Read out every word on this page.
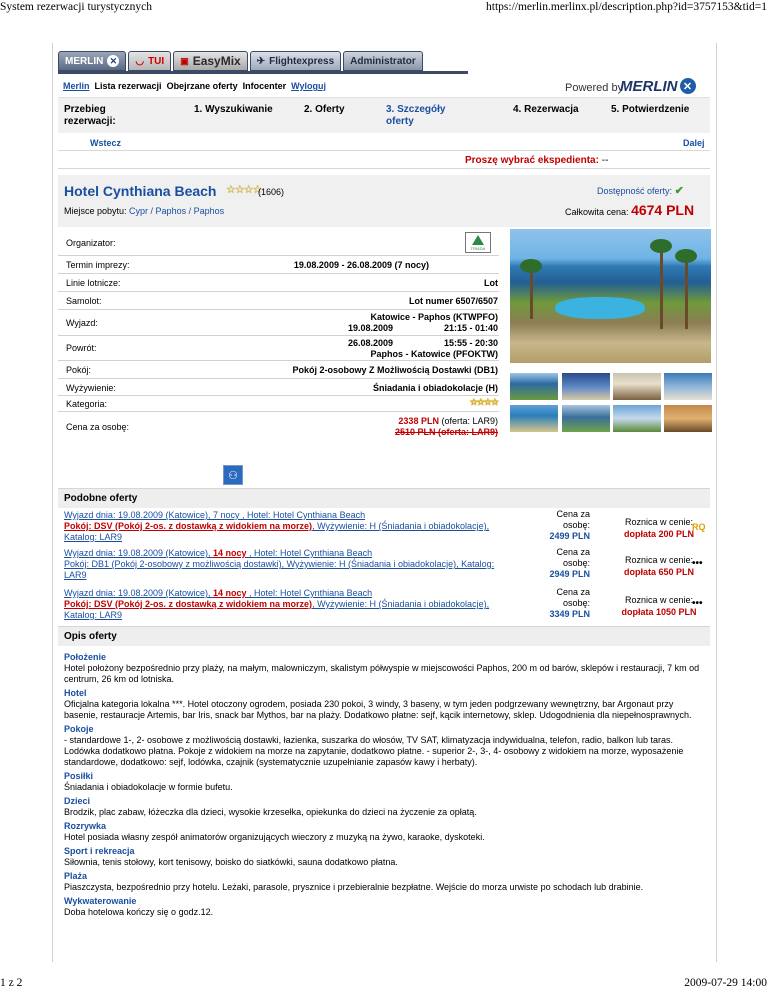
System rezerwacji turystycznych	https://merlin.merlinx.pl/description.php?id=3757153&tid=1
MERLIN ✕ ◡ TUI ▣ EasyMix ✈ Flightexpress Administrator
Merlin Lista rezerwacji Obejrzane oferty Infocenter Wyloguj	Powered by
MERLIN ✕
Przebieg rezerwacji:
1. Wyszukiwanie	2. Oferty	3. Szczegóły oferty
4. Rezerwacja	5. Potwierdzenie
Wstecz	Dalej
Proszę wybrać ekspedienta: --
Hotel Cynthiana Beach ☆☆☆☆
(1606)	Dostępność oferty: ✔
Miejsce pobytu: Cypr / Paphos / Paphos	Całkowita cena: 4674 PLN
Organizator:
TRIADA
Termin imprezy:	19.08.2009 - 26.08.2009 (7 nocy)
Linie lotnicze:	Lot
Samolot:	Lot numer 6507/6507
Wyjazd:
Katowice - Paphos (KTWPFO)
19.08.2009	21:15 - 01:40
Powrót:	26.08.2009	15:55 - 20:30
Paphos - Katowice (PFOKTW)
Pokój:	Pokój 2-osobowy Z Możliwością Dostawki (DB1)
Wyżywienie:	Śniadania i obiadokolacje (H)
Kategoria:	☆☆☆☆
Cena za osobę:
2338 PLN (oferta: LAR9)
2510 PLN (oferta: LAR9)
⚇
Podobne oferty
Wyjazd dnia: 19.08.2009 (Katowice), 7 nocy , Hotel: Hotel Cynthiana Beach
Pokój: DSV (Pokój 2-os. z dostawką z widokiem na morze), Wyżywienie: H (Śniadania i obiadokolacje),
Katalog: LAR9
Cena za osobę:
2499 PLN
Roznica w cenie:
dopłata 200 PLN
RQ
Wyjazd dnia: 19.08.2009 (Katowice), 14 nocy , Hotel: Hotel Cynthiana Beach
Pokój: DB1 (Pokój 2-osobowy z możliwością dostawki), Wyżywienie: H (Śniadania i obiadokolacje), Katalog:
LAR9
Cena za osobę:
2949 PLN
Roznica w cenie:
dopłata 650 PLN
•••
Wyjazd dnia: 19.08.2009 (Katowice), 14 nocy , Hotel: Hotel Cynthiana Beach
Pokój: DSV (Pokój 2-os. z dostawką z widokiem na morze), Wyżywienie: H (Śniadania i obiadokolacje),
Katalog: LAR9
Cena za osobę:
3349 PLN
Roznica w cenie:
dopłata 1050 PLN
•••
Opis oferty
Położenie

Hotel położony bezpośrednio przy plaży, na małym, malowniczym, skalistym półwyspie w miejscowości Paphos, 200 m od barów, sklepów i restauracji, 7 km od centrum, 26 km od lotniska.

Hotel

Oficjalna kategoria lokalna ***. Hotel otoczony ogrodem, posiada 230 pokoi, 3 windy, 3 baseny, w tym jeden podgrzewany wewnętrzny, bar Argonaut przy basenie, restauracje Artemis, bar Iris, snack bar Mythos, bar na plaży. Dodatkowo płatne: sejf, kącik internetowy, sklep. Udogodnienia dla niepełnosprawnych.

Pokoje

- standardowe 1-, 2- osobowe z możliwością dostawki, łazienka, suszarka do włosów, TV SAT, klimatyzacja indywidualna, telefon, radio, balkon lub taras. Lodówka dodatkowo płatna. Pokoje z widokiem na morze na zapytanie, dodatkowo płatne. - superior 2-, 3-, 4- osobowy z widokiem na morze, wyposażenie standardowe, dodatkowo: sejf, lodówka, czajnik (systematycznie uzupełnianie zapasów kawy i herbaty).

Posiłki

Śniadania i obiadokolacje w formie bufetu.

Dzieci

Brodzik, plac zabaw, łóżeczka dla dzieci, wysokie krzesełka, opiekunka do dzieci na życzenie za opłatą.

Rozrywka

Hotel posiada własny zespół animatorów organizujących wieczory z muzyką na żywo, karaoke, dyskoteki.

Sport i rekreacja

Siłownia, tenis stołowy, kort tenisowy, boisko do siatkówki, sauna dodatkowo płatna.

Plaża

Piaszczysta, bezpośrednio przy hotelu. Leżaki, parasole, prysznice i przebieralnie bezpłatne. Wejście do morza urwiste po schodach lub drabinie.

Wykwaterowanie

Doba hotelowa kończy się o godz.12.

1 z 2	2009-07-29 14:00
